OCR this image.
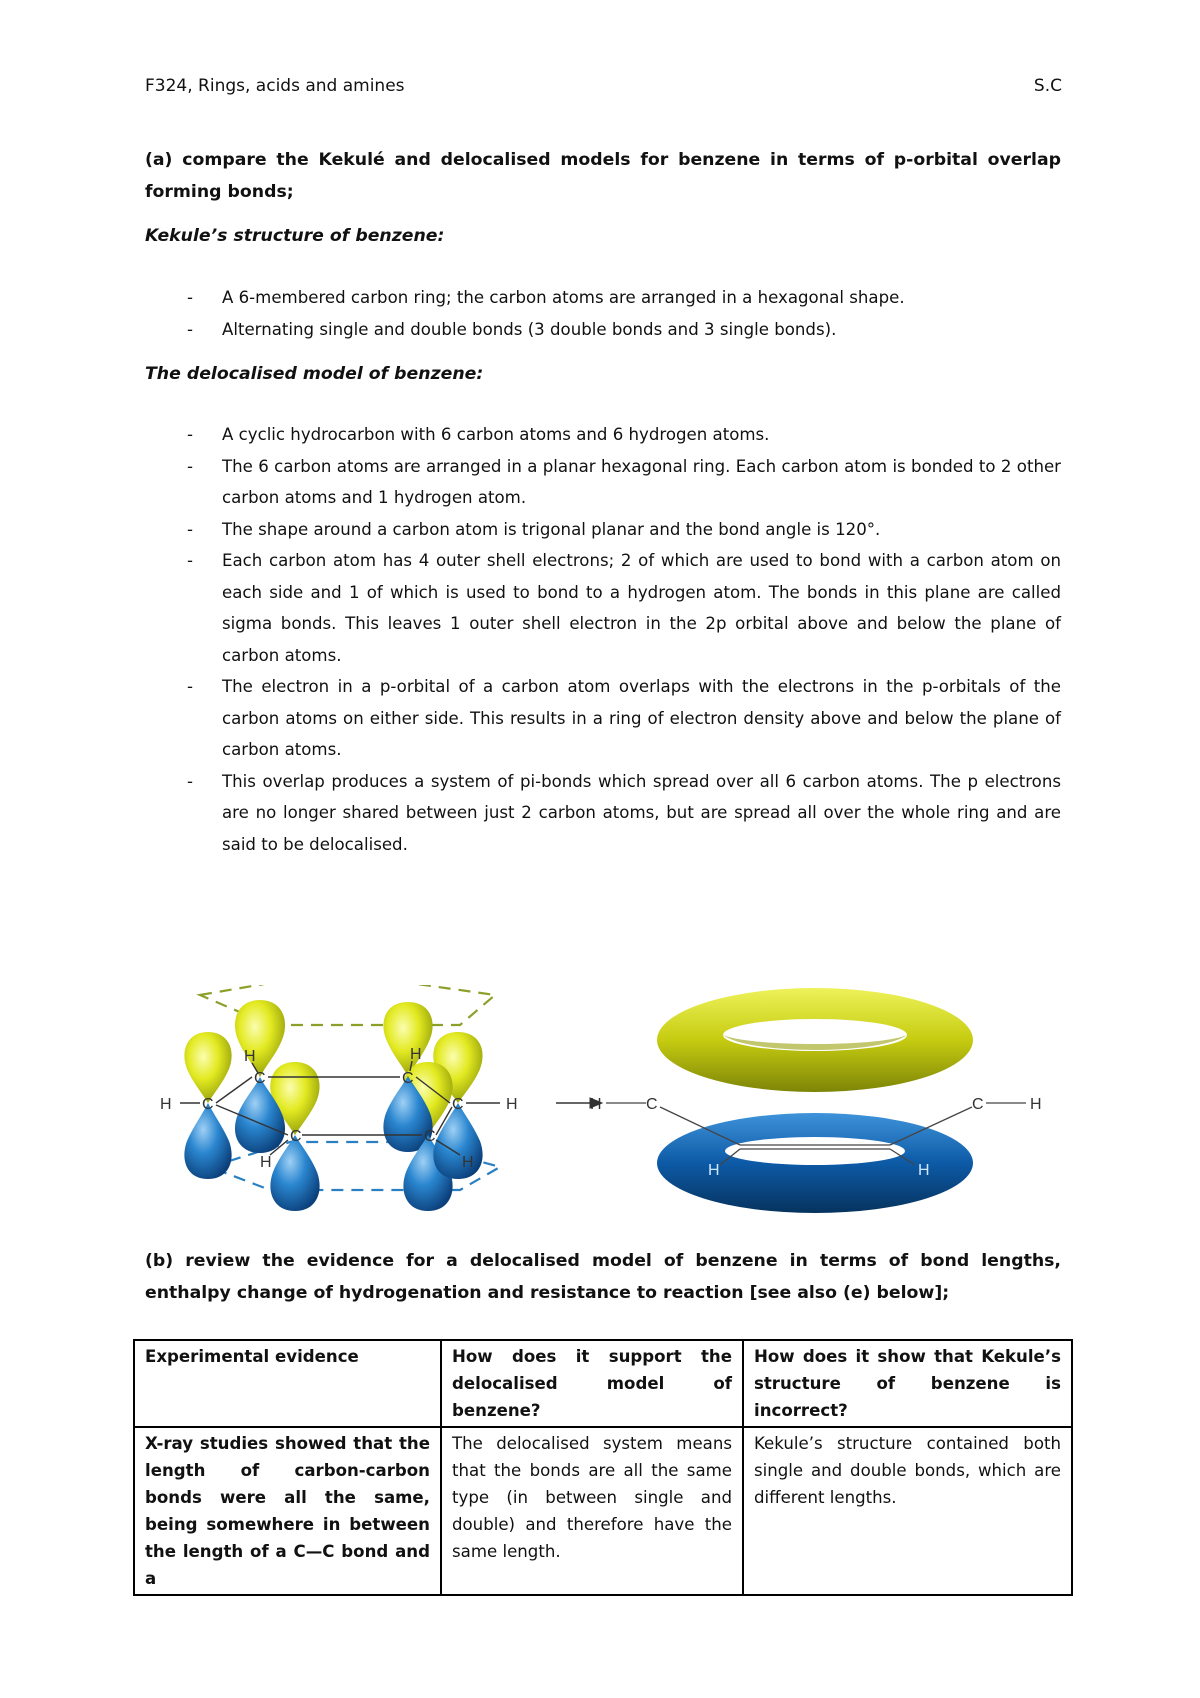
F324, Rings, acids and amines	S.C
(a) compare the Kekulé and delocalised models for benzene in terms of p-orbital overlap forming bonds;
Kekule’s structure of benzene:
- A 6-membered carbon ring; the carbon atoms are arranged in a hexagonal shape.
- Alternating single and double bonds (3 double bonds and 3 single bonds).
The delocalised model of benzene:
- A cyclic hydrocarbon with 6 carbon atoms and 6 hydrogen atoms.
- The 6 carbon atoms are arranged in a planar hexagonal ring. Each carbon atom is bonded to 2 other carbon atoms and 1 hydrogen atom.
- The shape around a carbon atom is trigonal planar and the bond angle is 120°.
- Each carbon atom has 4 outer shell electrons; 2 of which are used to bond with a carbon atom on each side and 1 of which is used to bond to a hydrogen atom. The bonds in this plane are called sigma bonds. This leaves 1 outer shell electron in the 2p orbital above and below the plane of carbon atoms.
- The electron in a p-orbital of a carbon atom overlaps with the electrons in the p-orbitals of the carbon atoms on either side. This results in a ring of electron density above and below the plane of carbon atoms.
- This overlap produces a system of pi-bonds which spread over all 6 carbon atoms. The p electrons are no longer shared between just 2 carbon atoms, but are spread all over the whole ring and are said to be delocalised.
H C
C	C
C
C	C
H	H
H	H
H	H	C	C	H
H	H
(b) review the evidence for a delocalised model of benzene in terms of bond lengths, enthalpy change of hydrogenation and resistance to reaction [see also (e) below];
Experimental evidence	How does it support the delocalised model of benzene?	How does it show that Kekule’s structure of benzene is incorrect?
X-ray studies showed that the length of carbon-carbon bonds were all the same, being somewhere in between the length of a C—C bond and a	The delocalised system means that the bonds are all the same type (in between single and double) and therefore have the same length.	Kekule’s structure contained both single and double bonds, which are different lengths.
